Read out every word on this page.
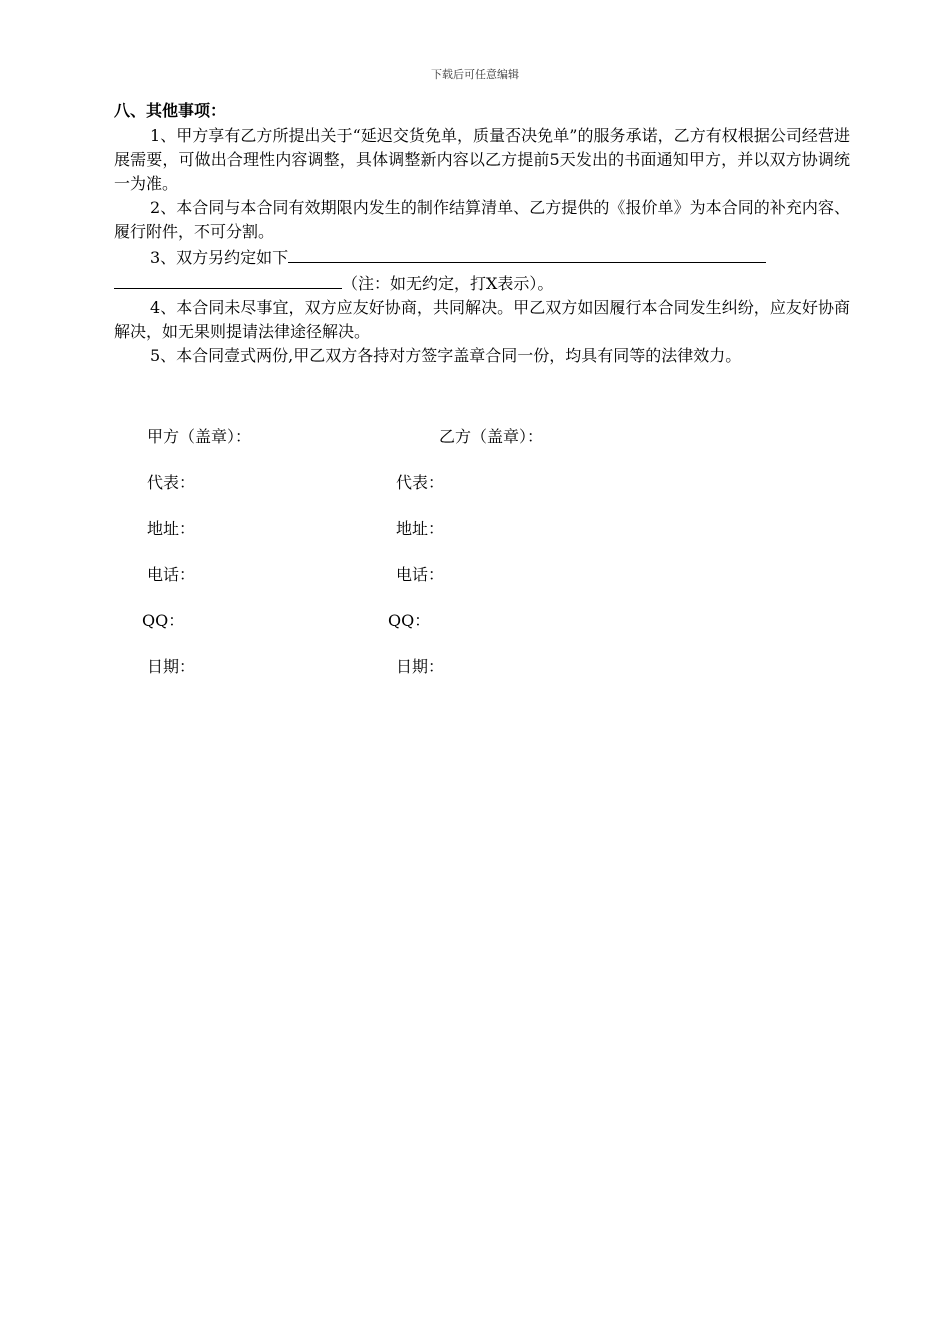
下载后可任意编辑

八、其他事项：

1、甲方享有乙方所提出关于“延迟交货免单，质量否决免单”的服务承诺，乙方有权根据公司经营进展需要，可做出合理性内容调整，具体调整新内容以乙方提前5天发出的书面通知甲方，并以双方协调统一为准。

2、本合同与本合同有效期限内发生的制作结算清单、乙方提供的《报价单》为本合同的补充内容、履行附件，不可分割。

3、双方另约定如下

（注：如无约定，打X表示）。

4、本合同未尽事宜，双方应友好协商，共同解决。甲乙双方如因履行本合同发生纠纷，应友好协商解决，如无果则提请法律途径解决。

5、本合同壹式两份,甲乙双方各持对方签字盖章合同一份，均具有同等的法律效力。

甲方（盖章）：
代表：
地址：
电话：
QQ：
日期：
乙方（盖章）：
代表：
地址：
电话：
QQ：
日期：
